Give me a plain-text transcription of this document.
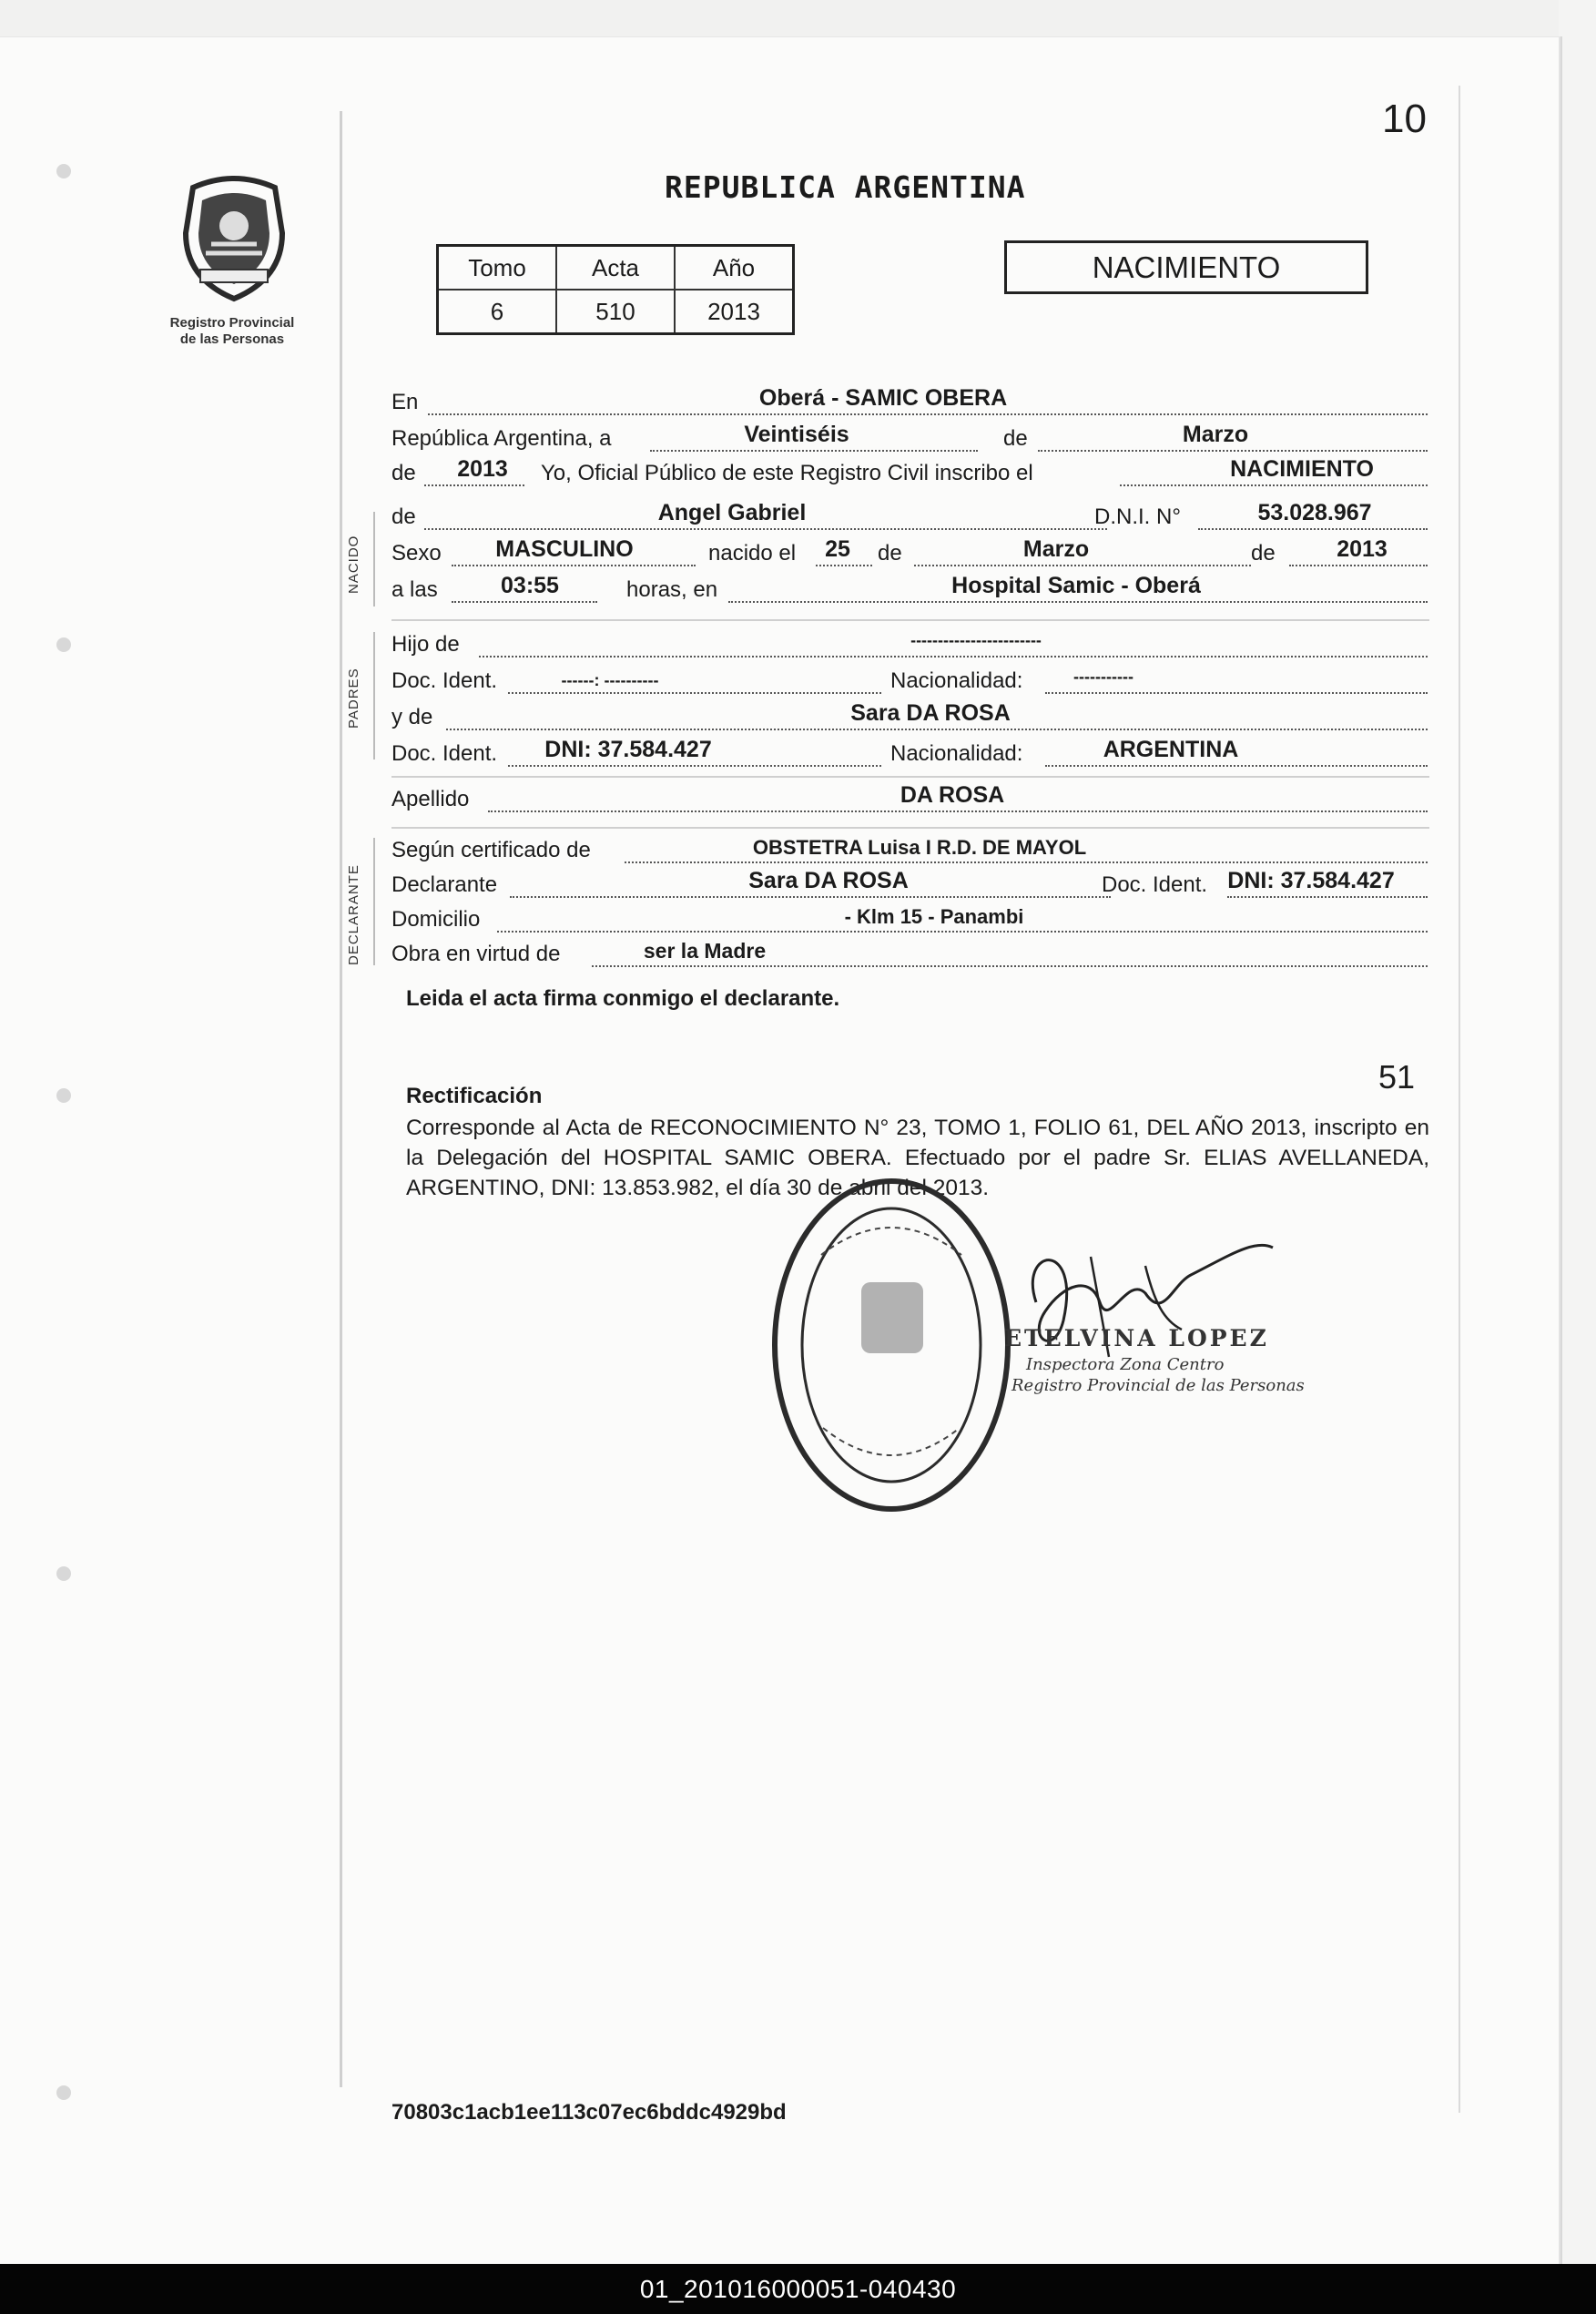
10
Registro Provincial
de las Personas
REPUBLICA ARGENTINA
Tomo	Acta	Año
6	510	2013
NACIMIENTO
En	Oberá - SAMIC OBERA
República Argentina, a	Veintiséis	de	Marzo
de 2013 Yo, Oficial Público de este Registro Civil inscribo el	NACIMIENTO
NACIDO
de	Angel Gabriel	D.N.I. N°	53.028.967
Sexo MASCULINO	nacido el 25 de	Marzo	de	2013
a las	03:55	horas, en	Hospital Samic - Oberá
PADRES
Hijo de	------------------------
Doc. Ident.	------: ----------	Nacionalidad:	-----------
y de	Sara DA ROSA
Doc. Ident. DNI: 37.584.427	Nacionalidad:	ARGENTINA
Apellido	DA ROSA
DECLARANTE
Según certificado de	OBSTETRA Luisa I R.D. DE MAYOL
Declarante	Sara DA ROSA	Doc. Ident. DNI: 37.584.427
Domicilio	- Klm 15 - Panambi
Obra en virtud de	ser la Madre
Leida el acta firma conmigo el declarante.
51
Rectificación
Corresponde al Acta de RECONOCIMIENTO N° 23, TOMO 1, FOLIO 61, DEL AÑO 2013, inscripto en la Delegación del HOSPITAL SAMIC OBERA. Efectuado por el padre Sr. ELIAS AVELLANEDA, ARGENTINO, DNI: 13.853.982, el día 30 de abril del 2013.
ETELVINA LOPEZ
Inspectora Zona Centro
Registro Provincial de las Personas
70803c1acb1ee113c07ec6bddc4929bd
01_201016000051-040430
